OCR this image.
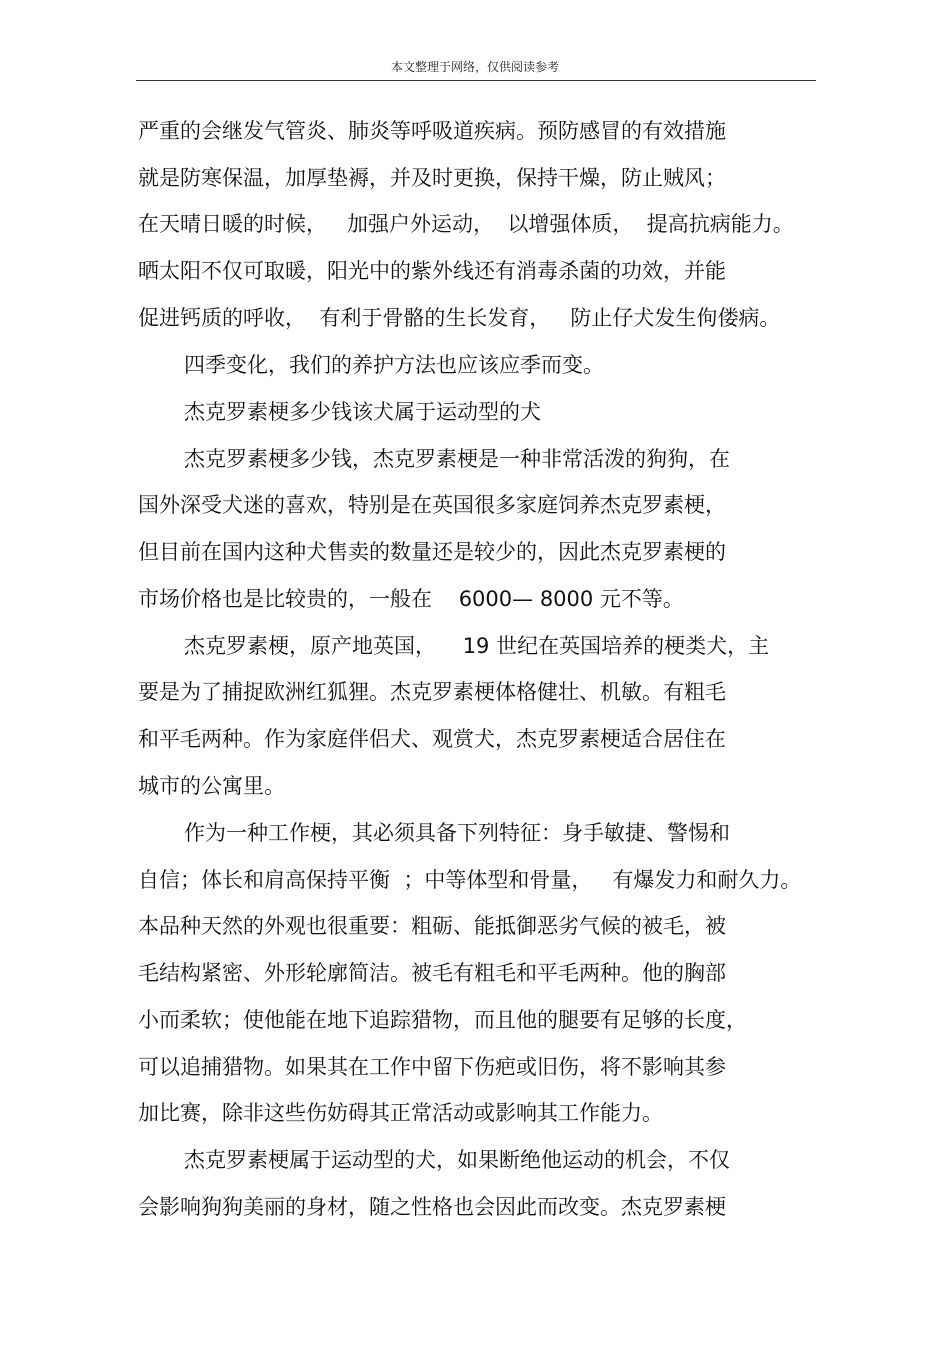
本文整理于网络，仅供阅读参考
严重的会继发气管炎、肺炎等呼吸道疾病。预防感冒的有效措施
就是防寒保温，加厚垫褥，并及时更换，保持干燥，防止贼风；
在天晴日暖的时候，   加强户外运动，  以增强体质，  提高抗病能力。
晒太阳不仅可取暖，阳光中的紫外线还有消毒杀菌的功效，并能
促进钙质的呼收，  有利于骨骼的生长发育，   防止仔犬发生佝偻病。
四季变化，我们的养护方法也应该应季而变。
杰克罗素梗多少钱该犬属于运动型的犬
杰克罗素梗多少钱，杰克罗素梗是一种非常活泼的狗狗，在
国外深受犬迷的喜欢，特别是在英国很多家庭饲养杰克罗素梗，
但目前在国内这种犬售卖的数量还是较少的，因此杰克罗素梗的
市场价格也是比较贵的，一般在    6000— 8000 元不等。
杰克罗素梗，原产地英国，    19 世纪在英国培养的梗类犬，主
要是为了捕捉欧洲红狐狸。杰克罗素梗体格健壮、机敏。有粗毛
和平毛两种。作为家庭伴侣犬、观赏犬，杰克罗素梗适合居住在
城市的公寓里。
作为一种工作梗，其必须具备下列特征：身手敏捷、警惕和
自信；体长和肩高保持平衡  ；中等体型和骨量，   有爆发力和耐久力。
本品种天然的外观也很重要：粗砺、能抵御恶劣气候的被毛，被
毛结构紧密、外形轮廓简洁。被毛有粗毛和平毛两种。他的胸部
小而柔软；使他能在地下追踪猎物，而且他的腿要有足够的长度，
可以追捕猎物。如果其在工作中留下伤疤或旧伤，将不影响其参
加比赛，除非这些伤妨碍其正常活动或影响其工作能力。
杰克罗素梗属于运动型的犬，如果断绝他运动的机会，不仅
会影响狗狗美丽的身材，随之性格也会因此而改变。杰克罗素梗
